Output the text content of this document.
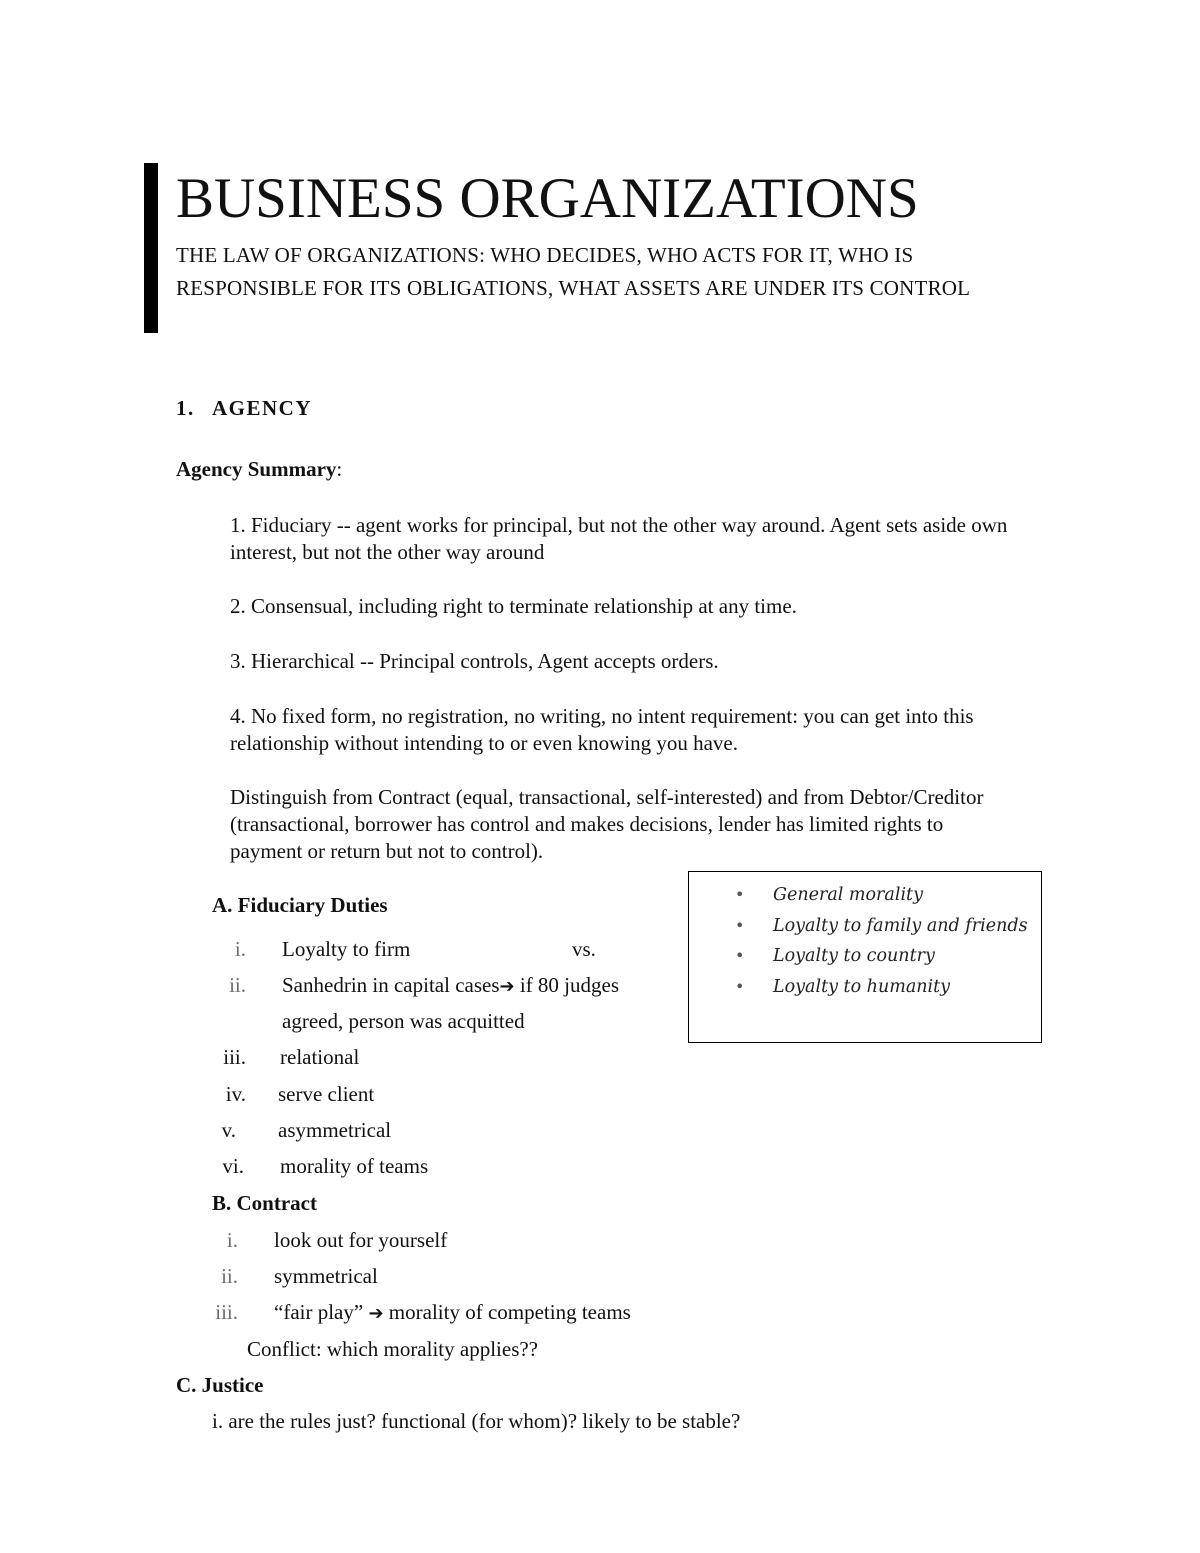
BUSINESS ORGANIZATIONS
THE LAW OF ORGANIZATIONS: WHO DECIDES, WHO ACTS FOR IT, WHO IS RESPONSIBLE FOR ITS OBLIGATIONS, WHAT ASSETS ARE UNDER ITS CONTROL
1. AGENCY
Agency Summary:
1. Fiduciary -- agent works for principal, but not the other way around. Agent sets aside own interest, but not the other way around
2. Consensual, including right to terminate relationship at any time.
3. Hierarchical -- Principal controls, Agent accepts orders.
4. No fixed form, no registration, no writing, no intent requirement: you can get into this relationship without intending to or even knowing you have.
Distinguish from Contract (equal, transactional, self-interested) and from Debtor/Creditor (transactional, borrower has control and makes decisions, lender has limited rights to payment or return but not to control).
A. Fiduciary Duties
i. Loyalty to firm	vs.
ii. Sanhedrin in capital cases➔ if 80 judges
agreed, person was acquitted
iii. relational
iv. serve client
v. asymmetrical
vi. morality of teams
• General morality
• Loyalty to family and friends
• Loyalty to country
• Loyalty to humanity
B. Contract
i. look out for yourself
ii. symmetrical
iii. “fair play” ➔ morality of competing teams
Conflict: which morality applies??
C. Justice
i. are the rules just? functional (for whom)? likely to be stable?
